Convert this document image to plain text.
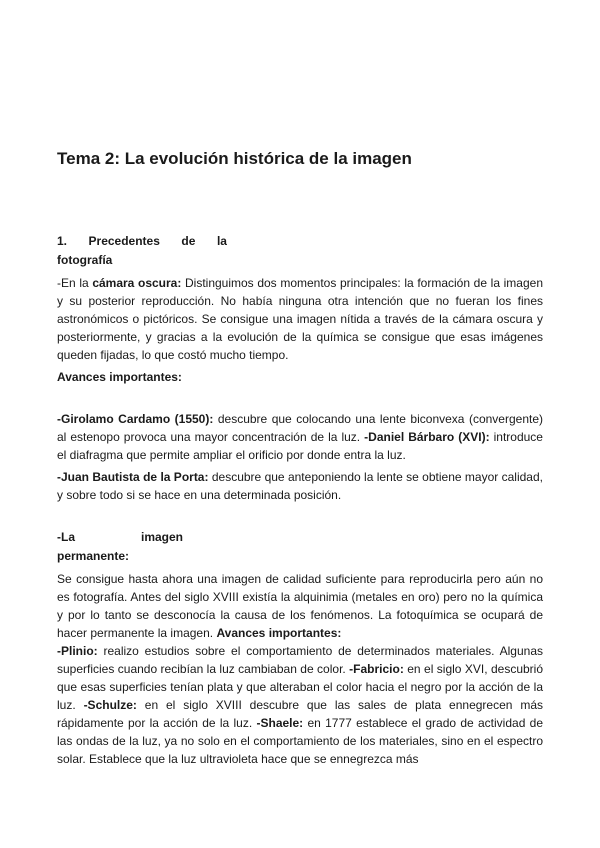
Tema 2: La evolución histórica de la imagen
1. Precedentes de la
fotografía

-En la cámara oscura: Distinguimos dos momentos principales: la formación de la imagen y su posterior reproducción. No había ninguna otra intención que no fueran los fines astronómicos o pictóricos. Se consigue una imagen nítida a través de la cámara oscura y posteriormente, y gracias a la evolución de la química se consigue que esas imágenes queden fijadas, lo que costó mucho tiempo.

Avances importantes:

-Girolamo Cardamo (1550): descubre que colocando una lente biconvexa (convergente) al estenopo provoca una mayor concentración de la luz. -Daniel Bárbaro (XVI): introduce el diafragma que permite ampliar el orificio por donde entra la luz.

-Juan Bautista de la Porta: descubre que anteponiendo la lente se obtiene mayor calidad, y sobre todo si se hace en una determinada posición.

-La	imagen
permanente:

Se consigue hasta ahora una imagen de calidad suficiente para reproducirla pero aún no es fotografía. Antes del siglo XVIII existía la alquinimia (metales en oro) pero no la química y por lo tanto se desconocía la causa de los fenómenos. La fotoquímica se ocupará de hacer permanente la imagen. Avances importantes:

-Plinio: realizo estudios sobre el comportamiento de determinados materiales. Algunas superficies cuando recibían la luz cambiaban de color. -Fabricio: en el siglo XVI, descubrió que esas superficies tenían plata y que alteraban el color hacia el negro por la acción de la luz. -Schulze: en el siglo XVIII descubre que las sales de plata ennegrecen más rápidamente por la acción de la luz. -Shaele: en 1777 establece el grado de actividad de las ondas de la luz, ya no solo en el comportamiento de los materiales, sino en el espectro solar. Establece que la luz ultravioleta hace que se ennegrezca más
